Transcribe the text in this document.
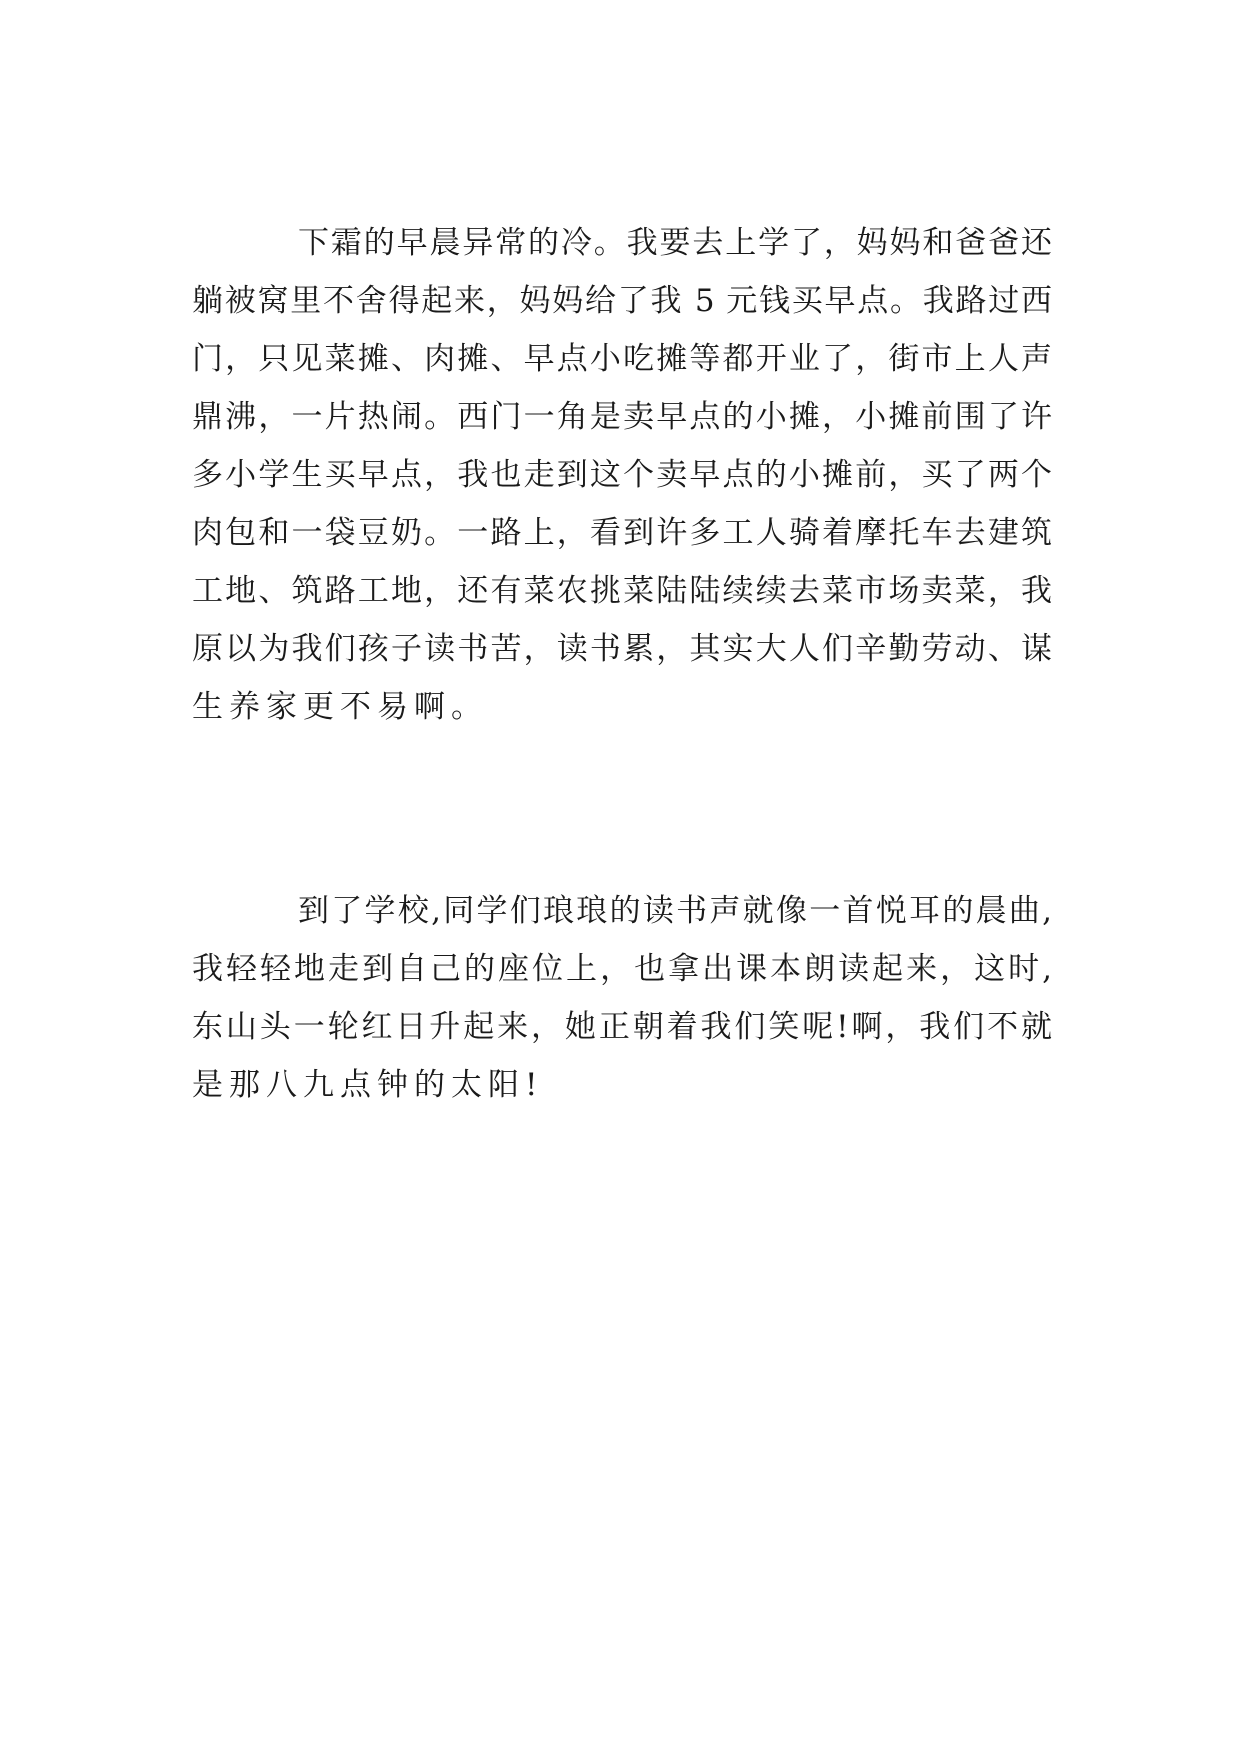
下霜的早晨异常的冷。我要去上学了，妈妈和爸爸还
躺被窝里不舍得起来，妈妈给了我 5 元钱买早点。我路过西
门，只见菜摊、肉摊、早点小吃摊等都开业了，街市上人声
鼎沸，一片热闹。西门一角是卖早点的小摊，小摊前围了许
多小学生买早点，我也走到这个卖早点的小摊前，买了两个
肉包和一袋豆奶。一路上，看到许多工人骑着摩托车去建筑
工地、筑路工地，还有菜农挑菜陆陆续续去菜市场卖菜，我
原以为我们孩子读书苦，读书累，其实大人们辛勤劳动、谋
生养家更不易啊。
到了学校,同学们琅琅的读书声就像一首悦耳的晨曲,
我轻轻地走到自己的座位上，也拿出课本朗读起来，这时,
东山头一轮红日升起来，她正朝着我们笑呢!啊，我们不就
是那八九点钟的太阳!
